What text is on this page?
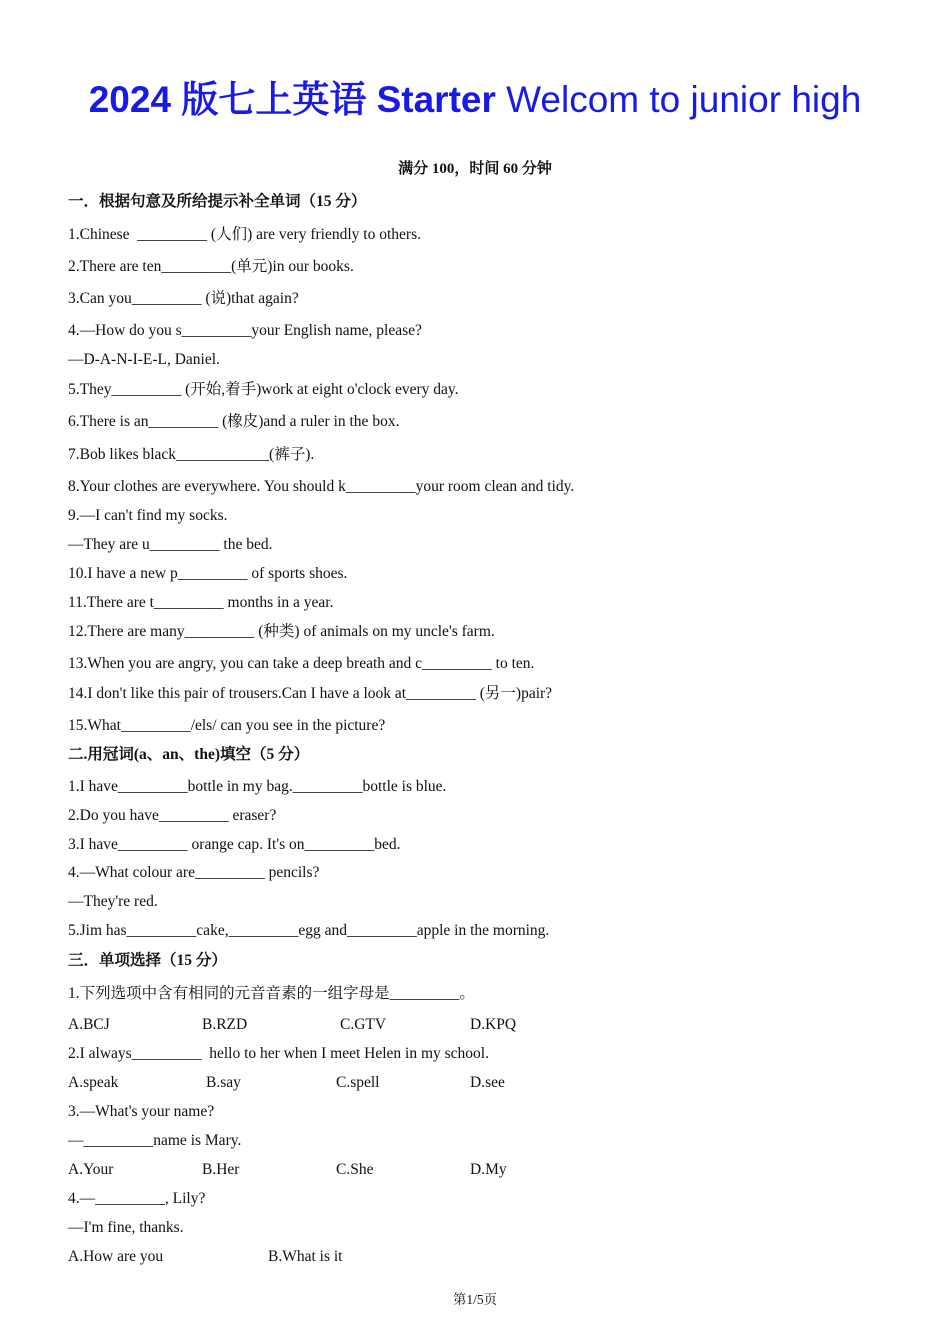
2024 版七上英语 Starter Welcom to junior high
满分 100，时间 60 分钟
一．根据句意及所给提示补全单词（15 分）
1.Chinese  _________ (人们) are very friendly to others.
2.There are ten_________(单元)in our books.
3.Can you_________ (说)that again?
4.—How do you s_________your English name, please?
—D-A-N-I-E-L, Daniel.
5.They_________ (开始,着手)work at eight o'clock every day.
6.There is an_________ (橡皮)and a ruler in the box.
7.Bob likes black____________(裤子).
8.Your clothes are everywhere. You should k_________your room clean and tidy.
9.—I can't find my socks.
—They are u_________ the bed.
10.I have a new p_________ of sports shoes.
11.There are t_________ months in a year.
12.There are many_________ (种类) of animals on my uncle's farm.
13.When you are angry, you can take a deep breath and c_________ to ten.
14.I don't like this pair of trousers.Can I have a look at_________ (另一)pair?
15.What_________/els/ can you see in the picture?
二.用冠词(a、an、the)填空（5 分）
1.I have_________bottle in my bag._________bottle is blue.
2.Do you have_________ eraser?
3.I have_________ orange cap. It's on_________bed.
4.—What colour are_________ pencils?
—They're red.
5.Jim has_________cake,_________egg and_________apple in the morning.
三．单项选择（15 分）
1.下列选项中含有相同的元音音素的一组字母是_________。
A.BCJ	B.RZD	C.GTV	D.KPQ
2.I always_________  hello to her when I meet Helen in my school.
A.speak	B.say	C.spell	D.see
3.—What's your name?
—_________name is Mary.
A.Your	B.Her	C.She	D.My
4.—_________, Lily?
—I'm fine, thanks.
A.How are you	B.What is it
第1/5页
